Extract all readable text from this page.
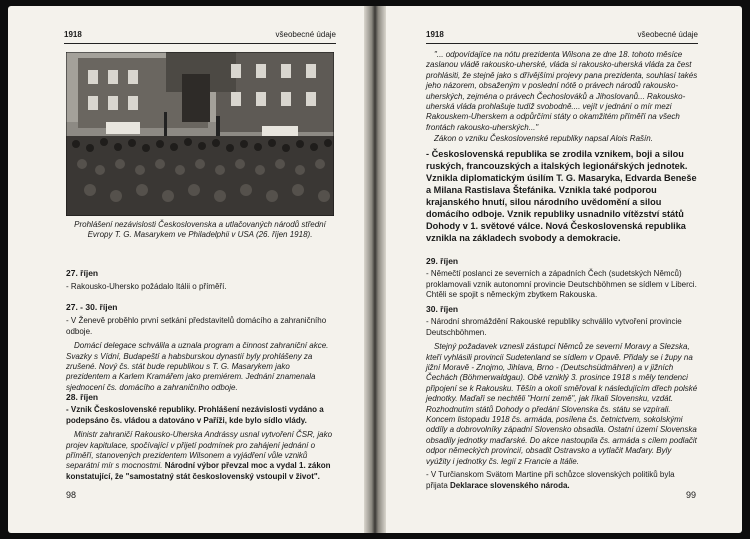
1918	všeobecné údaje
Prohlášení nezávislosti Československa a utlačovaných národů střední Evropy T. G. Masarykem ve Philadelphii v USA (26. říjen 1918).
27. říjen
- Rakousko-Uhersko požádalo Itálii o příměří.
27. - 30. říjen
- V Ženevě proběhlo první setkání představitelů domácího a zahraničního odboje.
Domácí delegace schválila a uznala program a činnost zahraniční akce. Svazky s Vídní, Budapeští a habsburskou dynastií byly prohlášeny za zrušené. Nový čs. stát bude republikou s T. G. Masarykem jako prezidentem a Karlem Kramářem jako premiérem. Jednání znamenala sjednocení čs. domácího a zahraničního odboje.
28. říjen
- Vznik Československé republiky. Prohlášení nezávislosti vydáno a podepsáno čs. vládou a datováno v Paříži, kde bylo sídlo vlády.
Ministr zahraničí Rakousko-Uherska Andrássy usnal vytvoření ČSR, jako projev kapitulace, spočívající v přijetí podmínek pro zahájení jednání o příměří, stanovených prezidentem Wilsonem a vyjádření vůle vzniků separátní mír s mocnostmi. Národní výbor převzal moc a vydal 1. zákon konstatující, že "samostatný stát československý vstoupil v život".
98
1918	všeobecné údaje
"... odpovídajíce na nótu prezidenta Wilsona ze dne 18. tohoto měsíce zaslanou vládě rakousko-uherské, vláda si rakousko-uherská vláda za čest prohlásiti, že stejně jako s dřívějšími projevy pana prezidenta, souhlasí takés jeho názorem, obsaženým v poslední nótě o právech národů rakousko-uherských, zejména o právech Čechoslováků a Jihoslovanů... Rakousko-uherská vláda prohlašuje tudíž svobodně.... vejít v jednání o mír mezi Rakouskem-Uherskem a odpůrčími státy o okamžitém příměří na všech frontách rakousko-uherských..."
Zákon o vzniku Československé republiky napsal Alois Rašín.
- Československá republika se zrodila vznikem, boji a silou ruských, francouzských a italských legionářských jednotek. Vznikla diplomatickým úsilím T. G. Masaryka, Edvarda Beneše a Milana Rastislava Štefánika. Vznikla také podporou krajanského hnutí, silou národního uvědomění a silou domácího odboje. Vznik republiky usnadnilo vítězství států Dohody v 1. světové válce. Nová Československá republika vznikla na základech svobody a demokracie.
29. říjen
- Němečtí poslanci ze severních a západních Čech (sudetských Němců) proklamovali vznik autonomní provincie Deutschböhmen se sídlem v Liberci. Chtěli se spojit s německým zbytkem Rakouska.
30. říjen
- Národní shromáždění Rakouské republiky schválilo vytvoření provincie Deutschböhmen.
Stejný požadavek vznesli zástupci Němců ze severní Moravy a Slezska, kteří vyhlásili provincii Sudetenland se sídlem v Opavě. Přidaly se i župy na jižní Moravě - Znojmo, Jihlava, Brno - (Deutschsüdmähren) a v jižních Čechách (Böhmerwaldgau). Obě vzniklý 3. prosince 1918 s měly tendenci připojení se k Rakousku. Těšín a okolí směřoval k následujícím dřech polské jednotky. Maďaři se nechtěli "Horní země", jak říkali Slovensku, vzdát. Rozhodnutím států Dohody o předání Slovenska čs. státu se vzpírali. Koncem listopadu 1918 čs. armáda, posílena čs. četnictvem, sokolskými oddíly a dobrovolníky západní Slovensko obsadila. Ostatní území Slovenska obsadily jednotky maďarské. Do akce nastoupila čs. armáda s cílem podlačit odpor německých provincií, obsadit Ostravsko a vytlačit Maďary. Byly vyúžity i jednotky čs. legií z Francie a Itálie.
- V Turčianskom Svätom Martine při schůzce slovenských politiků byla přijata Deklarace slovenského národa.
99
